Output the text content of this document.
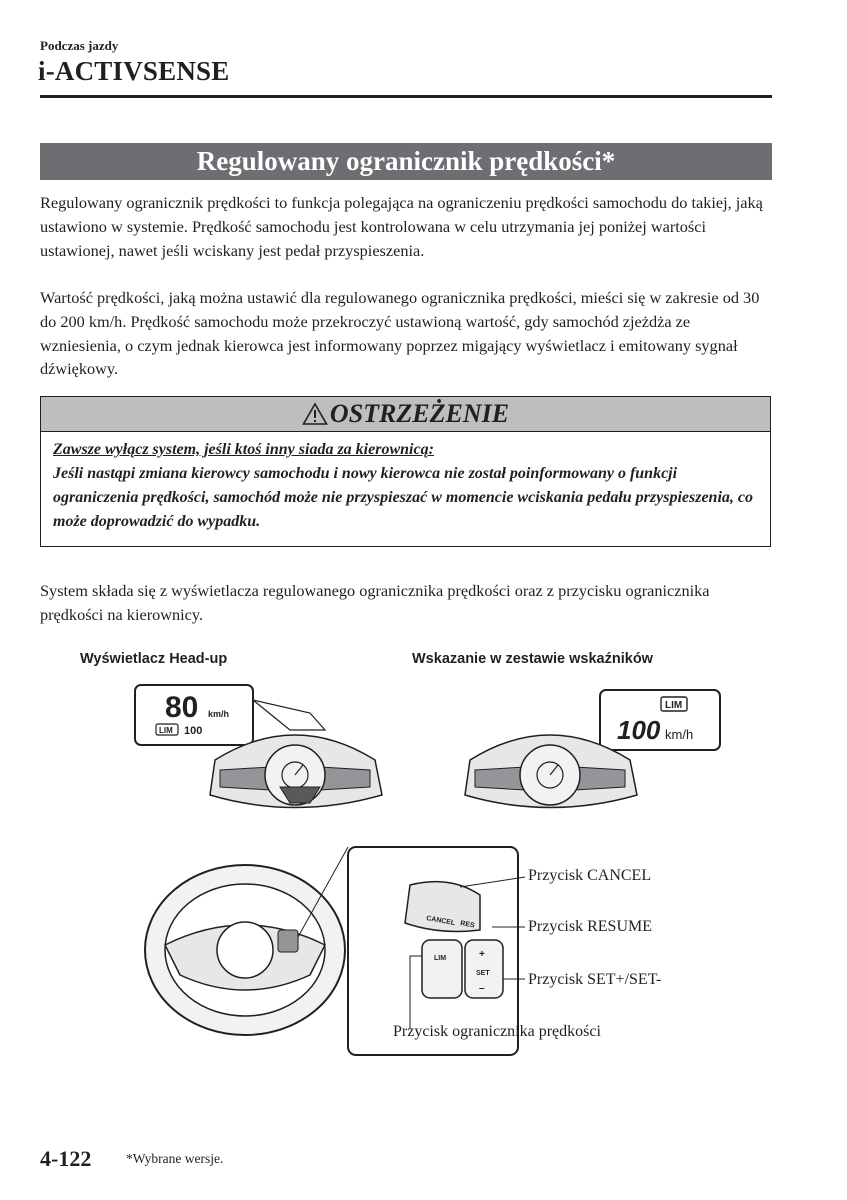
Podczas jazdy
i-ACTIVSENSE
Regulowany ogranicznik prędkości*

Regulowany ogranicznik prędkości to funkcja polegająca na ograniczeniu prędkości samochodu do takiej, jaką ustawiono w systemie. Prędkość samochodu jest kontrolowana w celu utrzymania jej poniżej wartości ustawionej, nawet jeśli wciskany jest pedał przyspieszenia.

Wartość prędkości, jaką można ustawić dla regulowanego ogranicznika prędkości, mieści się w zakresie od 30 do 200 km/h. Prędkość samochodu może przekroczyć ustawioną wartość, gdy samochód zjeżdża ze wzniesienia, o czym jednak kierowca jest informowany poprzez migający wyświetlacz i emitowany sygnał dźwiękowy.

OSTRZEŻENIE
Zawsze wyłącz system, jeśli ktoś inny siada za kierownicą:
Jeśli nastąpi zmiana kierowcy samochodu i nowy kierowca nie został poinformowany o funkcji ograniczenia prędkości, samochód może nie przyspieszać w momencie wciskania pedału przyspieszenia, co może doprowadzić do wypadku.

System składa się z wyświetlacza regulowanego ogranicznika prędkości oraz z przycisku ogranicznika prędkości na kierownicy.

Wyświetlacz Head-up	Wskazanie w zestawie wskaźników
80 km/h
LIM 100
LIM
100 km/h
CANCEL RES
LIM	+
SET
–
Przycisk CANCEL
Przycisk RESUME
Przycisk SET+/SET-
Przycisk ogranicznika prędkości
4-122	*Wybrane wersje.
